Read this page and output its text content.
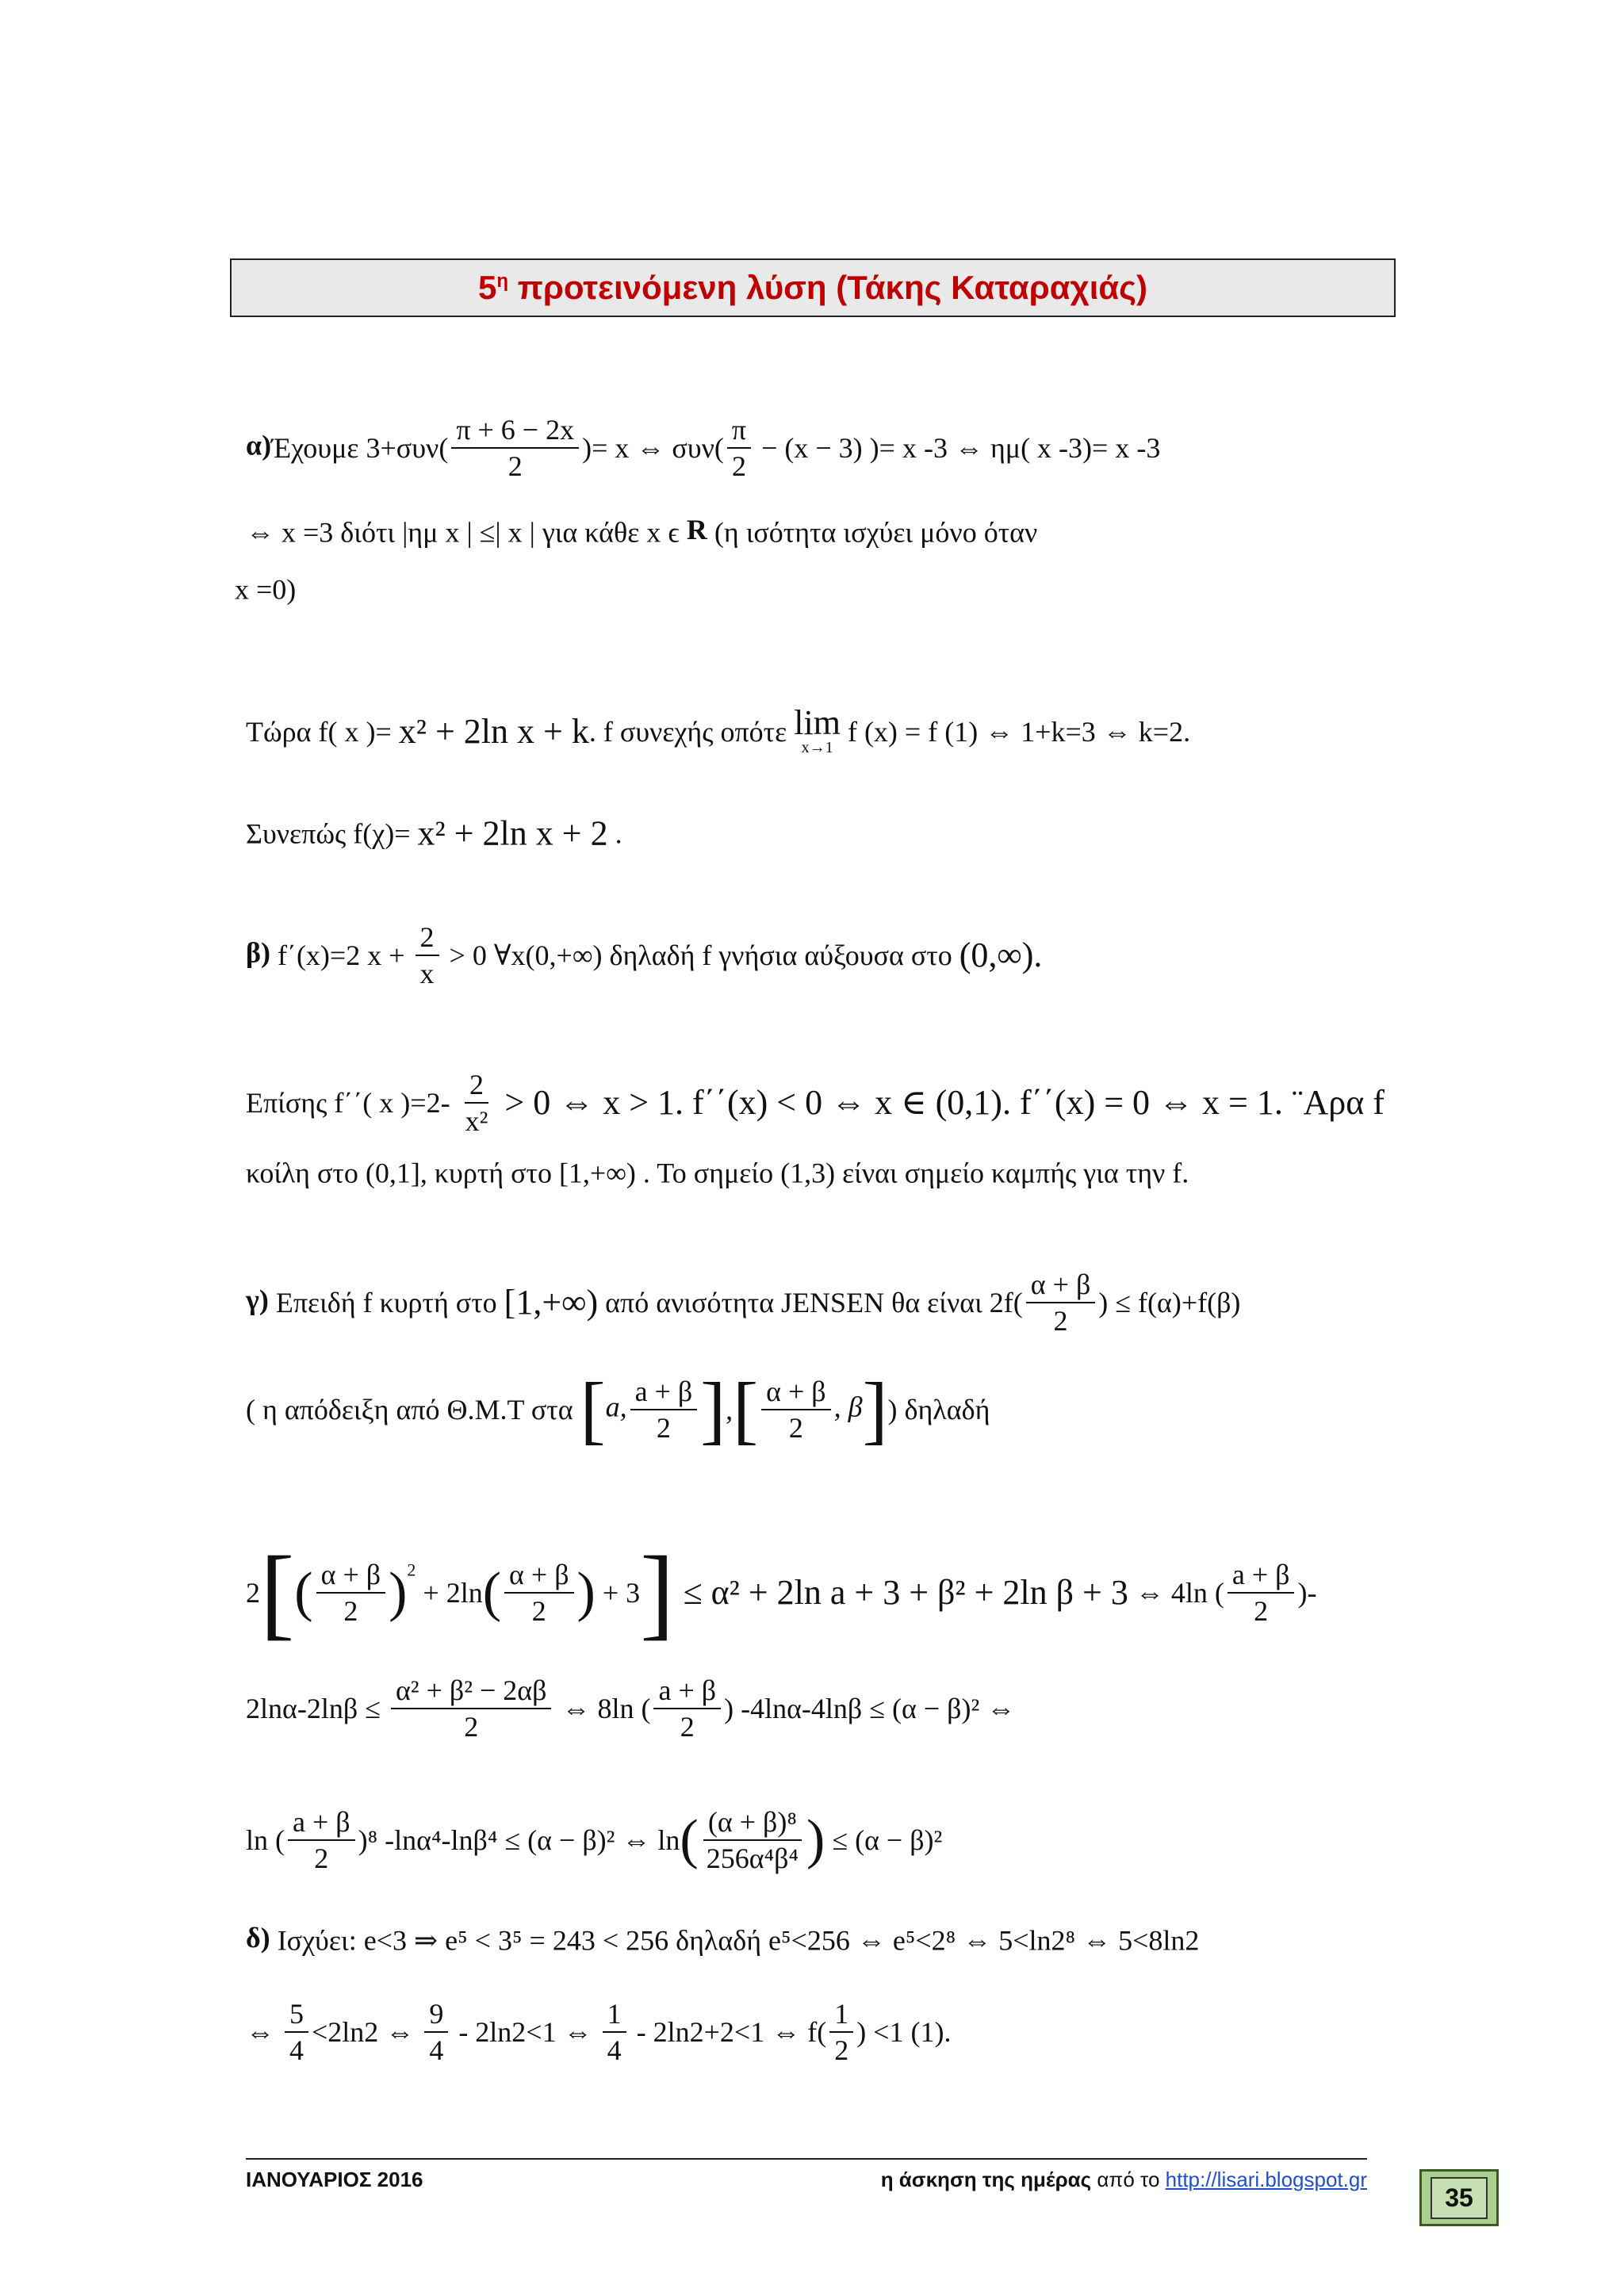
$5^\eta$ προτεινόμενη λύση (Τάκης Καταραχιάς)
α)Έχουμε $3+\sigma\upsilon\nu( \frac{\pi + 6 - 2x}{2}$ )= x ⇔ $\sigma\upsilon\nu( \frac{\pi}{2} - (x - 3)$ )= x -3 ⇔ ημ( x -3)= x -3
⇔ x =3 διότι |ημ x | ≤| x | για κάθε x ϵ R (η ισότητα ισχύει μόνο όταν
x =0)
Τώρα f( x )= x² + 2ln x + k. f συνεχής οπότε lim
x→1 f (x) = f (1) ⇔ 1+k=3 ⇔ k=2.
Συνεπώς f(χ)= x² + 2ln x + 2 .
β) f΄(x)=2 $x + \frac{2}{x} > 0$ ∀x(0,+∞) δηλαδή f γνήσια αύξουσα στο (0,∞).
Επίσης f΄΄( x )$=2- \frac{2}{\text{x²}} > 0$ ⇔ x > 1. f΄΄(x) < 0 ⇔ x ∈ (0,1). f΄΄(x) = 0 ⇔ x = 1. ¨Αρα f
κοίλη στο (0,1], κυρτή στο [1,+∞) . Το σημείο (1,3) είναι σημείο καμπής για την f.
γ) Επειδή f κυρτή στο [1,+∞) από ανισότητα JENSEN θα είναι $2f( \frac{\alpha + \beta}{2}$ ) ≤ f(α)+f(β)
( η απόδειξη από Θ.Μ.Τ στα [a, $\frac{a + \beta}{2}$ ],[ $\frac{\alpha + \beta}{2}$ , β]) δηλαδή
$2[( \frac{\alpha + \beta}{2} )^2 + 2\ln( \frac{\alpha + \beta}{2}$ ) + 3] ≤ α² + 2ln a + 3 + β² + 2ln β + 3 ⇔ 4ln ( $\frac{a + \beta}{2}$ )-
$2\ln\alpha-2\ln\beta \le \frac{\text{α² + β² − 2αβ}}{2}$ ⇔ 8ln ( $\frac{a + \beta}{2}$ ) -4lnα-4lnβ ≤ (α − β)² ⇔
ln ( $\frac{a + \beta}{2} )^8$ -lnα⁴-lnβ⁴ ≤ (α − β)² ⇔ $\ln( \frac{\text{(α + β)⁸}}{\text{256α⁴β⁴}}$ ) ≤ (α − β)²
δ) Ισχύει: e<3 ⇒ e⁵ < 3⁵ = 243 < 256 δηλαδή e⁵<256 ⇔ e⁵<2⁸ ⇔ 5<ln2⁸ ⇔ 5<8ln2
⇔ $\frac{5}{4} <2\ln 2$ ⇔ $\frac{9}{4} - 2\ln 2<1$ ⇔ $\frac{1}{4} - 2\ln 2+2<1$ ⇔ $f( \frac{1}{2}$ ) <1 (1).
ΙΑΝΟΥΑΡΙΟΣ 2016	η άσκηση της ημέρας από το http://lisari.blogspot.gr
35
